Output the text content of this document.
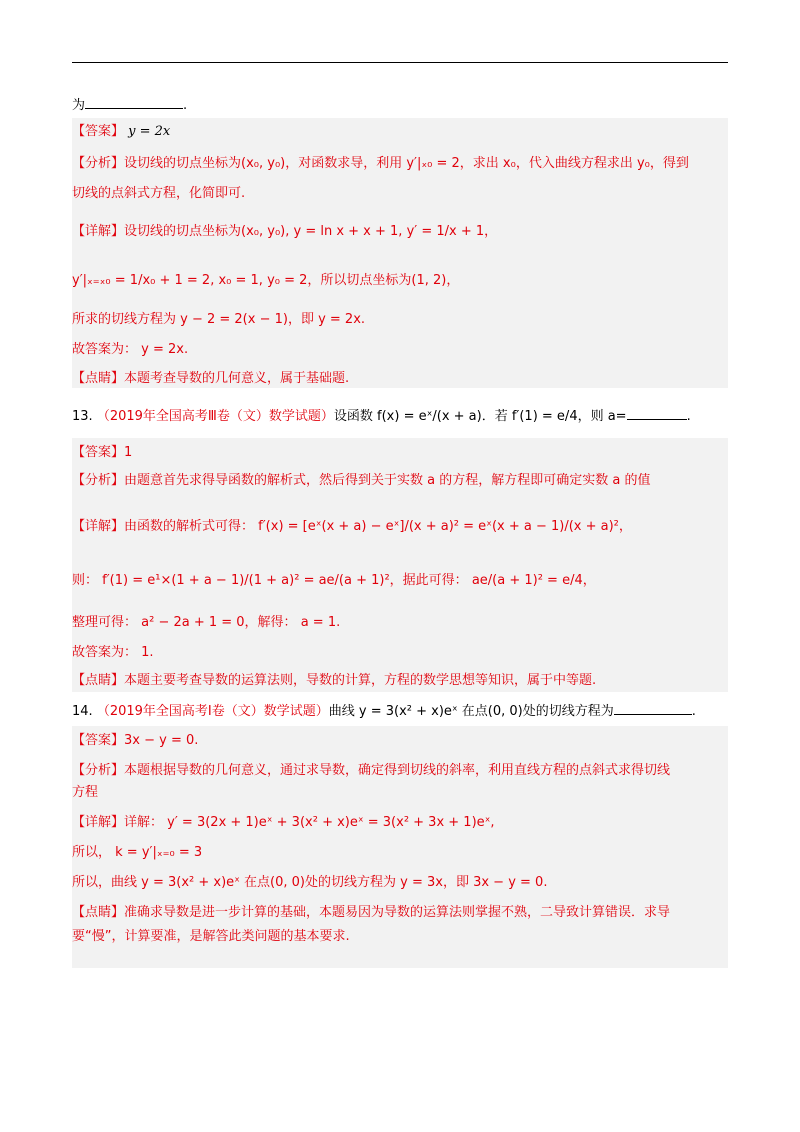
为	.
【答案】 y = 2x
【分析】设切线的切点坐标为(x₀, y₀)，对函数求导，利用 y′|ₓ₀ = 2，求出 x₀，代入曲线方程求出 y₀，得到
切线的点斜式方程，化简即可.
【详解】设切线的切点坐标为(x₀, y₀), y = ln x + x + 1, y′ = 1/x + 1，
y′|ₓ₌ₓ₀ = 1/x₀ + 1 = 2, x₀ = 1, y₀ = 2，所以切点坐标为(1, 2)，
所求的切线方程为 y − 2 = 2(x − 1)，即 y = 2x.
故答案为： y = 2x.
【点睛】本题考查导数的几何意义，属于基础题.
13. （2019年全国高考Ⅲ卷（文）数学试题）设函数 f(x) = eˣ/(x + a)．若 f′(1) = e/4，则 a=	.
【答案】1
【分析】由题意首先求得导函数的解析式，然后得到关于实数 a 的方程，解方程即可确定实数 a 的值
【详解】由函数的解析式可得： f′(x) = [eˣ(x + a) − eˣ]/(x + a)² = eˣ(x + a − 1)/(x + a)²，
则： f′(1) = e¹×(1 + a − 1)/(1 + a)² = ae/(a + 1)²，据此可得： ae/(a + 1)² = e/4，
整理可得： a² − 2a + 1 = 0，解得： a = 1.
故答案为： 1.
【点睛】本题主要考查导数的运算法则，导数的计算，方程的数学思想等知识，属于中等题.
14. （2019年全国高考Ⅰ卷（文）数学试题）曲线 y = 3(x² + x)eˣ 在点(0, 0)处的切线方程为	.
【答案】3x − y = 0.
【分析】本题根据导数的几何意义，通过求导数，确定得到切线的斜率，利用直线方程的点斜式求得切线
方程
【详解】详解： y′ = 3(2x + 1)eˣ + 3(x² + x)eˣ = 3(x² + 3x + 1)eˣ,
所以， k = y′|ₓ₌₀ = 3
所以，曲线 y = 3(x² + x)eˣ 在点(0, 0)处的切线方程为 y = 3x，即 3x − y = 0.
【点睛】准确求导数是进一步计算的基础，本题易因为导数的运算法则掌握不熟，二导致计算错误．求导
要“慢”，计算要准，是解答此类问题的基本要求.
